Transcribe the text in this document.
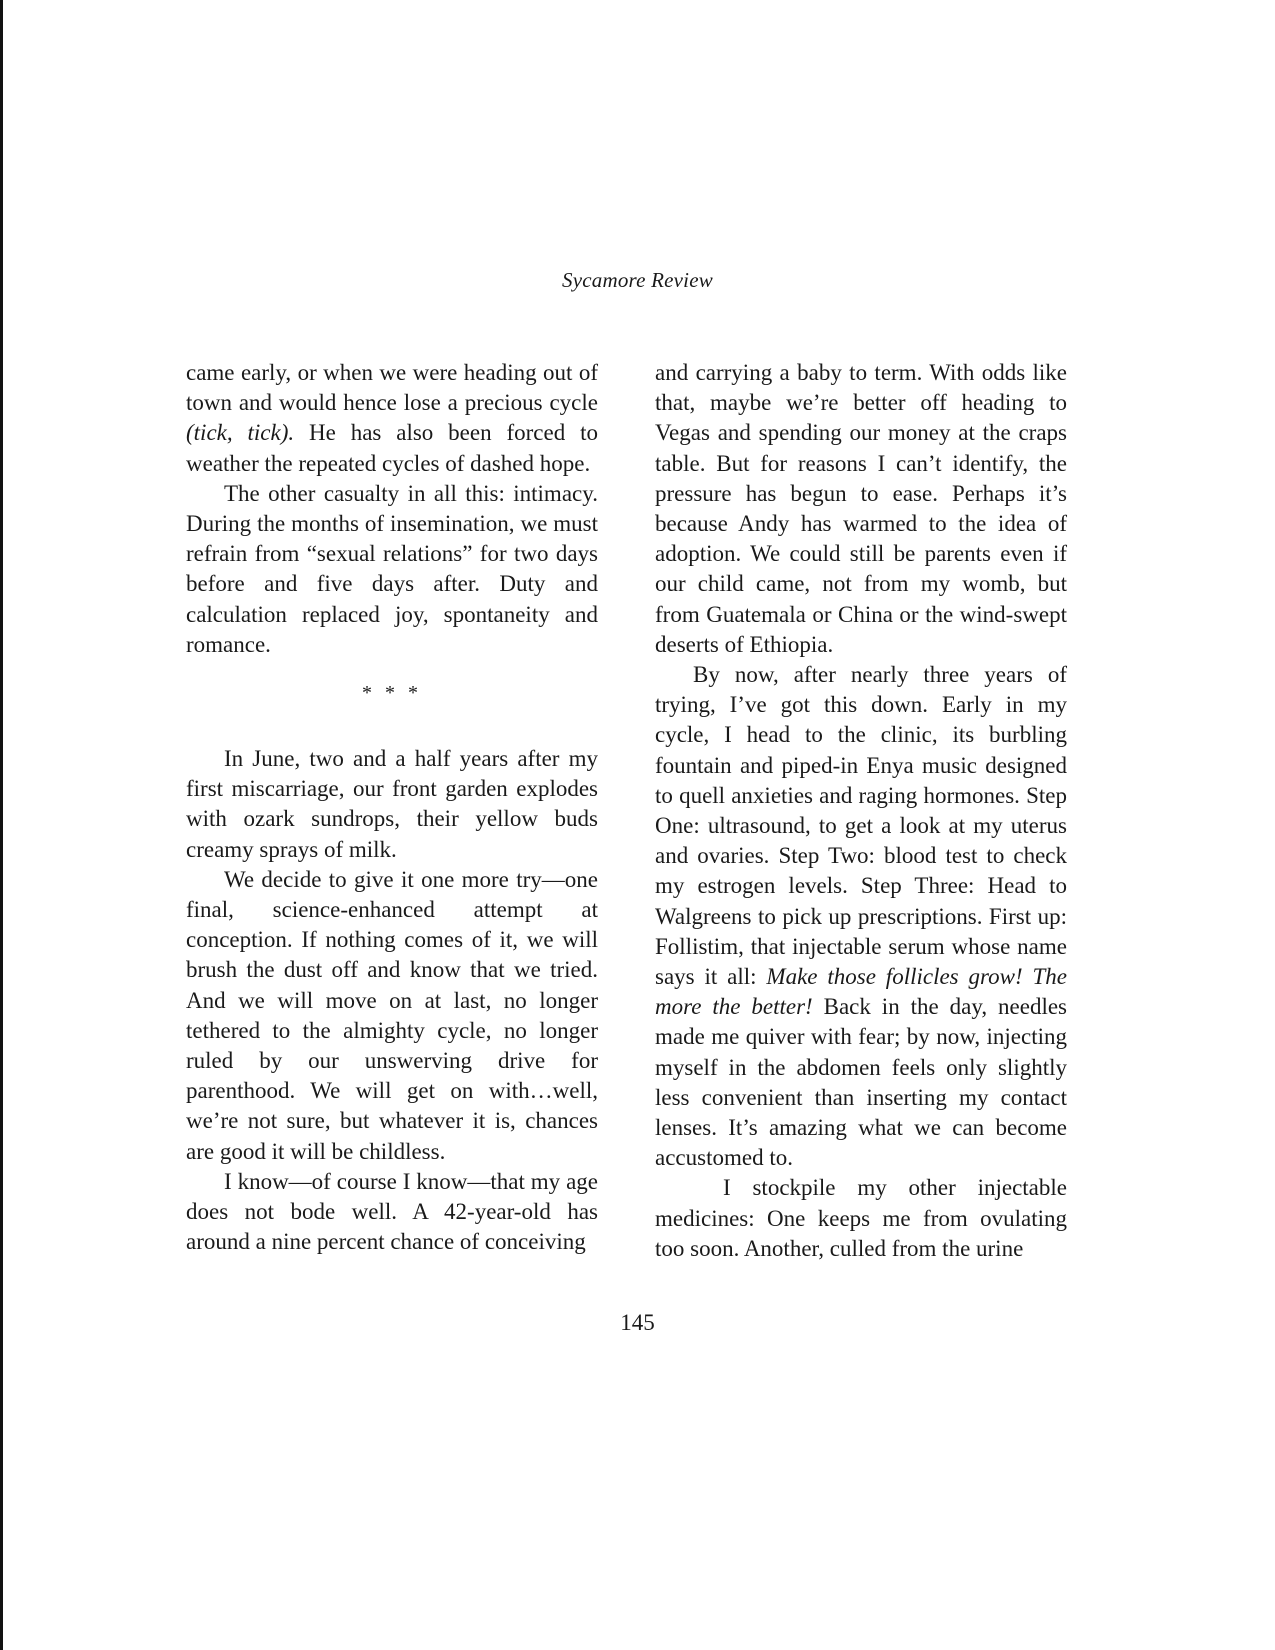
Sycamore Review

came early, or when we were heading out of town and would hence lose a precious cycle (tick, tick). He has also been forced to weather the repeated cycles of dashed hope.

The other casualty in all this: intimacy. During the months of insemination, we must refrain from “sexual relations” for two days before and five days after. Duty and calculation replaced joy, spontaneity and romance.

* * *

In June, two and a half years after my first miscarriage, our front garden explodes with ozark sundrops, their yellow buds creamy sprays of milk.

We decide to give it one more try—one final, science-enhanced attempt at conception. If nothing comes of it, we will brush the dust off and know that we tried. And we will move on at last, no longer tethered to the almighty cycle, no longer ruled by our unswerving drive for parenthood. We will get on with…well, we’re not sure, but whatever it is, chances are good it will be childless.

I know—of course I know—that my age does not bode well. A 42-year-old has around a nine percent chance of conceiving

and carrying a baby to term. With odds like that, maybe we’re better off heading to Vegas and spending our money at the craps table. But for reasons I can’t identify, the pressure has begun to ease. Perhaps it’s because Andy has warmed to the idea of adoption. We could still be parents even if our child came, not from my womb, but from Guatemala or China or the wind-swept deserts of Ethiopia.

By now, after nearly three years of trying, I’ve got this down. Early in my cycle, I head to the clinic, its burbling fountain and piped-in Enya music designed to quell anxieties and raging hormones. Step One: ultrasound, to get a look at my uterus and ovaries. Step Two: blood test to check my estrogen levels. Step Three: Head to Walgreens to pick up prescriptions. First up: Follistim, that injectable serum whose name says it all: Make those follicles grow! The more the better! Back in the day, needles made me quiver with fear; by now, injecting myself in the abdomen feels only slightly less convenient than inserting my contact lenses. It’s amazing what we can become accustomed to.

I stockpile my other injectable medicines: One keeps me from ovulating too soon. Another, culled from the urine

145
